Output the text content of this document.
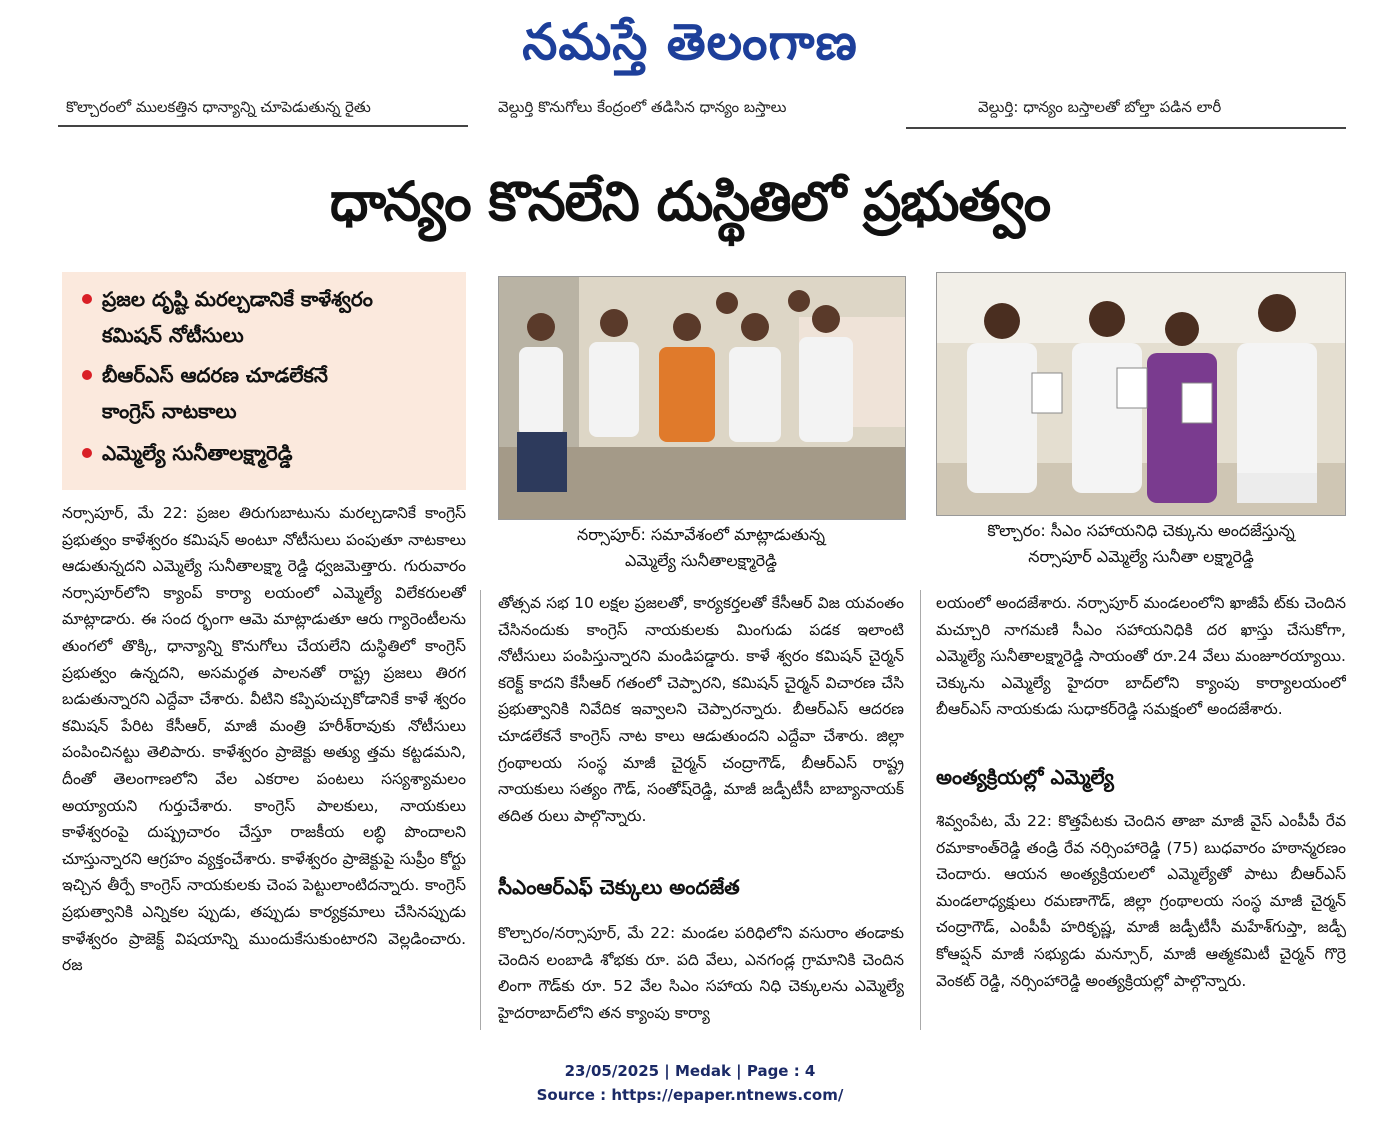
నమస్తే తెలంగాణ
కొల్చారంలో ములకత్తిన ధాన్యాన్ని చూపెడుతున్న రైతు	వెల్దుర్తి కొనుగోలు కేంద్రంలో తడిసిన ధాన్యం బస్తాలు	వెల్దుర్తి: ధాన్యం బస్తాలతో బోల్తా పడిన లారీ
ధాన్యం కొనలేని దుస్థితిలో ప్రభుత్వం
ప్రజల దృష్టి మరల్చడానికే కాళేశ్వరం
కమిషన్ నోటీసులు
బీఆర్ఎస్ ఆదరణ చూడలేకనే
కాంగ్రెస్ నాటకాలు
ఎమ్మెల్యే సునీతాలక్ష్మారెడ్డి

నర్సాపూర్, మే 22: ప్రజల తిరుగుబాటును మరల్చడానికే కాంగ్రెస్ ప్రభుత్వం కాళేశ్వరం కమిషన్ అంటూ నోటీసులు పంపుతూ నాటకాలు ఆడుతున్నదని ఎమ్మెల్యే సునీతాలక్ష్మా రెడ్డి ధ్వజమెత్తారు. గురువారం నర్సాపూర్‌లోని క్యాంప్ కార్యా లయంలో ఎమ్మెల్యే విలేకరులతో మాట్లాడారు. ఈ సంద ర్భంగా ఆమె మాట్లాడుతూ ఆరు గ్యారెంటీలను తుంగలో తొక్కి, ధాన్యాన్ని కొనుగోలు చేయలేని దుస్థితిలో కాంగ్రెస్ ప్రభుత్వం ఉన్నదని, అసమర్థత పాలనతో రాష్ట్ర ప్రజలు తిరగ బడుతున్నారని ఎద్దేవా చేశారు. వీటిని కప్పిపుచ్చుకోడానికే కాళే శ్వరం కమిషన్ పేరిట కేసీఆర్, మాజీ మంత్రి హరీశ్‌రావుకు నోటీసులు పంపించినట్టు తెలిపారు. కాళేశ్వరం ప్రాజెక్టు అత్యు త్తమ కట్టడమని, దీంతో తెలంగాణలోని వేల ఎకరాల పంటలు సస్యశ్యామలం అయ్యాయని గుర్తుచేశారు. కాంగ్రెస్ పాలకులు, నాయకులు కాళేశ్వరంపై దుష్ప్రచారం చేస్తూ రాజకీయ లబ్ధి పొందాలని చూస్తున్నారని ఆగ్రహం వ్యక్తంచేశారు. కాళేశ్వరం ప్రాజెక్టుపై సుప్రీం కోర్టు ఇచ్చిన తీర్పే కాంగ్రెస్ నాయకులకు చెంప పెట్టులాంటిదన్నారు. కాంగ్రెస్ ప్రభుత్వానికి ఎన్నికల ప్పుడు, తప్పుడు కార్యక్రమాలు చేసినప్పుడు కాళేశ్వరం ప్రాజెక్ట్ విషయాన్ని ముందుకేసుకుంటారని వెల్లడించారు. రజ

నర్సాపూర్: సమావేశంలో మాట్లాడుతున్న
ఎమ్మెల్యే సునీతాలక్ష్మారెడ్డి

తోత్సవ సభ 10 లక్షల ప్రజలతో, కార్యకర్తలతో కేసీఆర్ విజ యవంతం చేసినందుకు కాంగ్రెస్ నాయకులకు మింగుడు పడక ఇలాంటి నోటీసులు పంపిస్తున్నారని మండిపడ్డారు. కాళే శ్వరం కమిషన్ చైర్మన్ కరెక్ట్ కాదని కేసీఆర్ గతంలో చెప్పారని, కమిషన్ చైర్మన్ విచారణ చేసి ప్రభుత్వానికి నివేదిక ఇవ్వాలని చెప్పారన్నారు. బీఆర్ఎస్ ఆదరణ చూడలేకనే కాంగ్రెస్ నాట కాలు ఆడుతుందని ఎద్దేవా చేశారు. జిల్లా గ్రంథాలయ సంస్థ మాజీ చైర్మన్ చంద్రాగౌడ్, బీఆర్ఎస్ రాష్ట్ర నాయకులు సత్యం గౌడ్, సంతోష్‌రెడ్డి, మాజీ జడ్పీటీసీ బాబ్యానాయక్ తదిత రులు పాల్గొన్నారు.

సీఎంఆర్ఎఫ్ చెక్కులు అందజేత

కొల్చారం/నర్సాపూర్, మే 22: మండల పరిధిలోని వసురాం తండాకు చెందిన లంబాడి శోభకు రూ. పది వేలు, ఎనగండ్ల గ్రామానికి చెందిన లింగా గౌడ్‌కు రూ. 52 వేల సిఎం సహాయ నిధి చెక్కులను ఎమ్మెల్యే హైదరాబాద్‌లోని తన క్యాంపు కార్యా

కొల్చారం: సీఎం సహాయనిధి చెక్కును అందజేస్తున్న
నర్సాపూర్ ఎమ్మెల్యే సునీతా లక్ష్మారెడ్డి

లయంలో అందజేశారు. నర్సాపూర్ మండలంలోని ఖాజీపే ట్‌కు చెందిన మచ్చూరి నాగమణి సీఎం సహాయనిధికి దర ఖాస్తు చేసుకోగా, ఎమ్మెల్యే సునీతాలక్ష్మారెడ్డి సాయంతో రూ.24 వేలు మంజూరయ్యాయి. చెక్కును ఎమ్మెల్యే హైదరా బాద్‌లోని క్యాంపు కార్యాలయంలో బీఆర్ఎస్ నాయకుడు సుధాకర్‌రెడ్డి సమక్షంలో అందజేశారు.

అంత్యక్రియల్లో ఎమ్మెల్యే

శివ్వంపేట, మే 22: కొత్తపేటకు చెందిన తాజా మాజీ వైస్ ఎంపీపీ రేవ రమాకాంత్‌రెడ్డి తండ్రి రేవ నర్సింహారెడ్డి (75) బుధవారం హఠాన్మరణం చెందారు. ఆయన అంత్యక్రియలలో ఎమ్మెల్యేతో పాటు బీఆర్ఎస్ మండలాధ్యక్షులు రమణాగౌడ్, జిల్లా గ్రంథాలయ సంస్థ మాజీ చైర్మన్ చంద్రాగౌడ్, ఎంపీపీ హరికృష్ణ, మాజీ జడ్పీటీసీ మహేశ్‌గుప్తా, జడ్పీ కోఆప్షన్ మాజీ సభ్యుడు మన్సూర్, మాజీ ఆత్మకమిటీ చైర్మన్ గొర్రె వెంకట్ రెడ్డి, నర్సింహారెడ్డి అంత్యక్రియల్లో పాల్గొన్నారు.

23/05/2025 | Medak | Page : 4
Source : https://epaper.ntnews.com/
